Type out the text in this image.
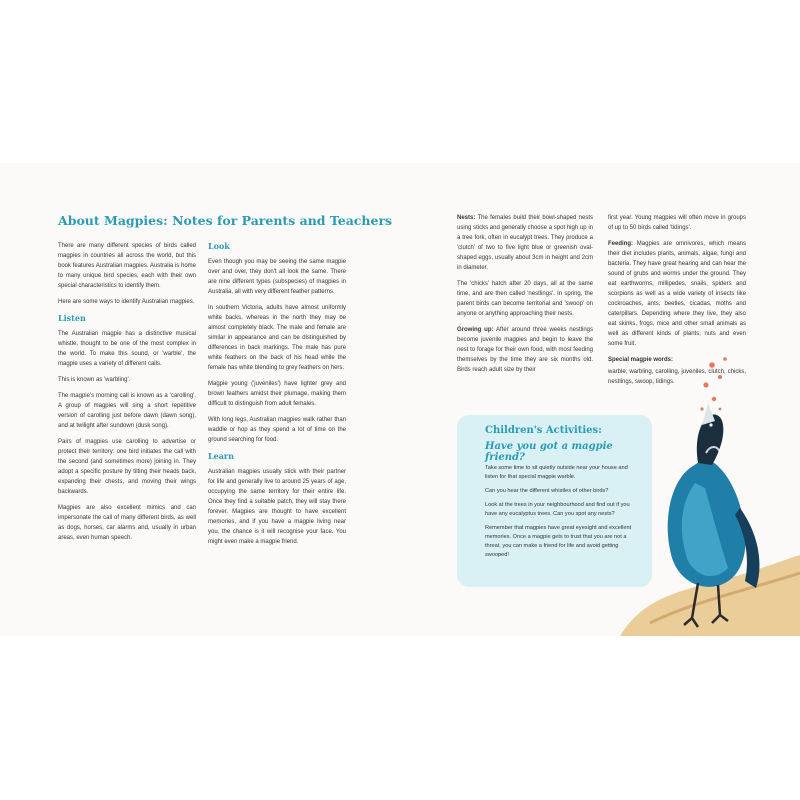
About Magpies: Notes for Parents and Teachers

There are many different species of birds called magpies in countries all across the world, but this book features Australian magpies. Australia is home to many unique bird species, each with their own special characteristics to identify them.

Here are some ways to identify Australian magpies.

Listen

The Australian magpie has a distinctive musical whistle, thought to be one of the most complex in the world. To make this sound, or 'warble', the magpie uses a variety of different calls.

This is known as 'warbling'.

The magpie's morning call is known as a 'carolling'. A group of magpies will sing a short repetitive version of carolling just before dawn (dawn song), and at twilight after sundown (dusk song).

Pairs of magpies use carolling to advertise or protect their territory: one bird initiates the call with the second (and sometimes more) joining in. They adopt a specific posture by tilting their heads back, expanding their chests, and moving their wings backwards.

Magpies are also excellent mimics and can impersonate the call of many different birds, as well as dogs, horses, car alarms and, usually in urban areas, even human speech.

Look

Even though you may be seeing the same magpie over and over, they don't all look the same. There are nine different types (subspecies) of magpies in Australia, all with very different feather patterns.

In southern Victoria, adults have almost uniformly white backs, whereas in the north they may be almost completely black. The male and female are similar in appearance and can be distinguished by differences in back markings. The male has pure white feathers on the back of his head while the female has white blending to grey feathers on hers.

Magpie young ('juveniles') have lighter grey and brown feathers amidst their plumage, making them difficult to distinguish from adult females.

With long legs, Australian magpies walk rather than waddle or hop as they spend a lot of time on the ground searching for food.

Learn

Australian magpies usually stick with their partner for life and generally live to around 25 years of age, occupying the same territory for their entire life. Once they find a suitable patch, they will stay there forever. Magpies are thought to have excellent memories, and if you have a magpie living near you, the chance is it will recognise your face. You might even make a magpie friend.

Nests: The females build their bowl-shaped nests using sticks and generally choose a spot high up in a tree fork, often in eucalypt trees. They produce a 'clutch' of two to five light blue or greenish oval-shaped eggs, usually about 3cm in height and 2cm in diameter.

The 'chicks' hatch after 20 days, all at the same time, and are then called 'nestlings'. In spring, the parent birds can become territorial and 'swoop' on anyone or anything approaching their nests.

Growing up: After around three weeks nestlings become juvenile magpies and begin to leave the nest to forage for their own food, with most feeding themselves by the time they are six months old. Birds reach adult size by their

first year. Young magpies will often move in groups of up to 50 birds called 'tidings'.

Feeding: Magpies are omnivores, which means their diet includes plants, animals, algae, fungi and bacteria. They have great hearing and can hear the sound of grubs and worms under the ground. They eat earthworms, millipedes, snails, spiders and scorpions as well as a wide variety of insects like cockroaches, ants, beetles, cicadas, moths and caterpillars. Depending where they live, they also eat skinks, frogs, mice and other small animals as well as different kinds of plants, nuts and even some fruit.

Special magpie words:

warble, warbling, carolling, juveniles, clutch, chicks, nestlings, swoop, tidings.

Children's Activities:
Have you got a magpie friend?

Take some time to sit quietly outside near your house and listen for that special magpie warble.

Can you hear the different whistles of other birds?

Look at the trees in your neighbourhood and find out if you have any eucalyptus trees. Can you spot any nests?

Remember that magpies have great eyesight and excellent memories. Once a magpie gets to trust that you are not a threat, you can make a friend for life and avoid getting swooped!
